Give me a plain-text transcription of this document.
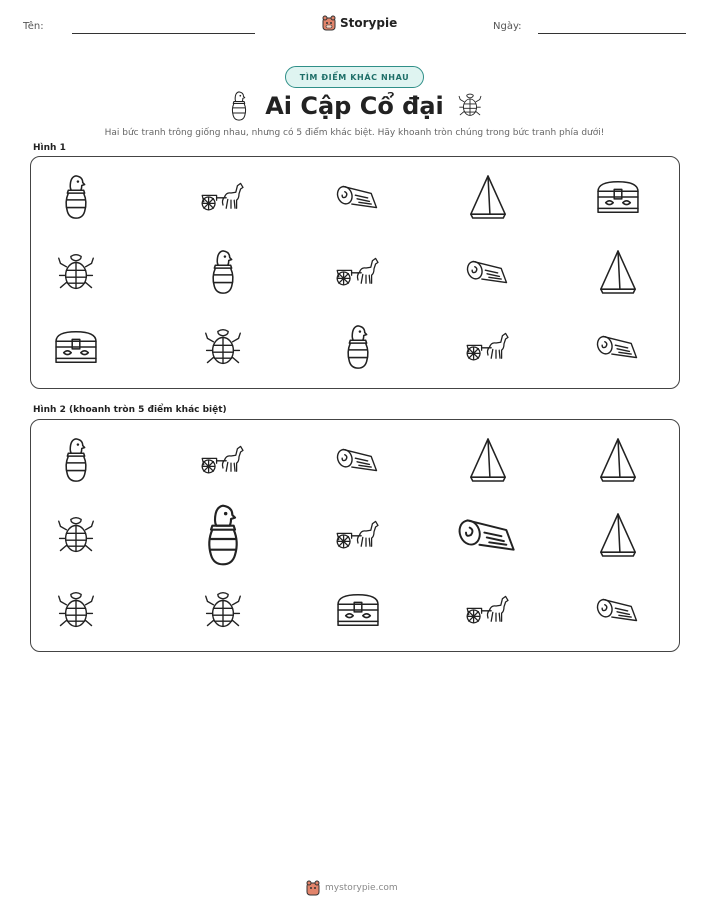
Tên:	Storypie	Ngày:
TÌM ĐIỂM KHÁC NHAU
Ai Cập Cổ đại
Hai bức tranh trông giống nhau, nhưng có 5 điểm khác biệt. Hãy khoanh tròn chúng trong bức tranh phía dưới!
Hình 1
Hình 2 (khoanh tròn 5 điểm khác biệt)
mystorypie.com
